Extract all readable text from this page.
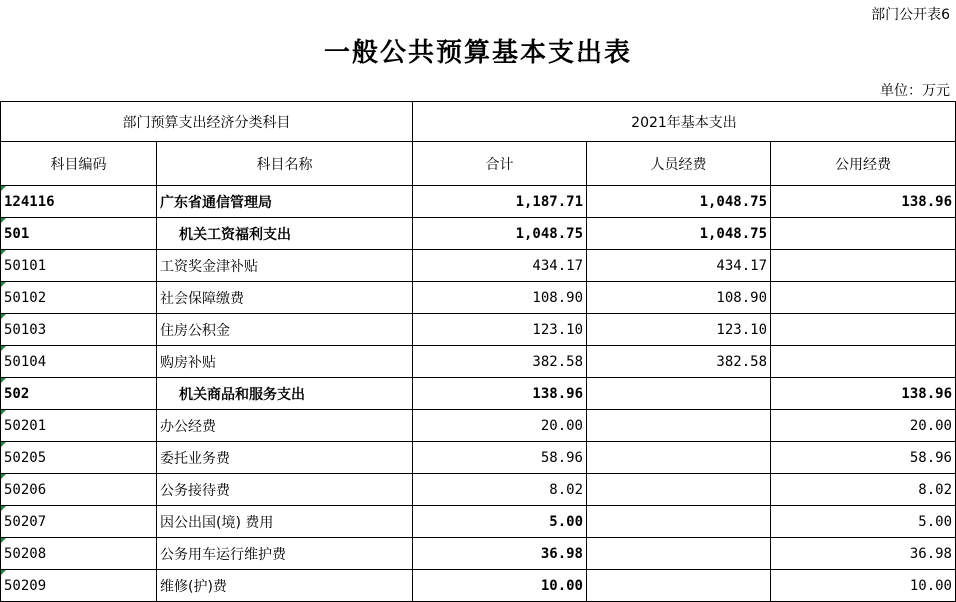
部门公开表6
一般公共预算基本支出表
单位：万元
部门预算支出经济分类科目		2021年基本支出		
科目编码	科目名称	合计	人员经费	公用经费

124116	广东省通信管理局	1,187.71	1,048.75	138.96

501	机关工资福利支出	1,048.75	1,048.75	

50101	工资奖金津补贴	434.17	434.17	

50102	社会保障缴费	108.90	108.90	

50103	住房公积金	123.10	123.10	

50104	购房补贴	382.58	382.58	

502	机关商品和服务支出	138.96		138.96

50201	办公经费	20.00		20.00

50205	委托业务费	58.96		58.96

50206	公务接待费	8.02		8.02

50207	因公出国(境) 费用	5.00		5.00

50208	公务用车运行维护费	36.98		36.98

50209	维修(护)费	10.00		10.00
